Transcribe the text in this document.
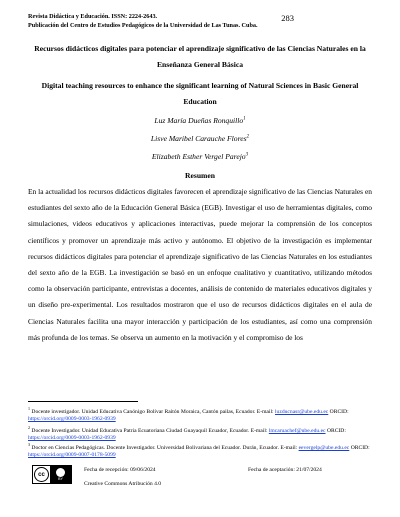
Revista Didáctica y Educación. ISSN: 2224-2643.
Publicación del Centro de Estudios Pedagógicos de la Universidad de Las Tunas. Cuba.
283
Recursos didácticos digitales para potenciar el aprendizaje significativo de las Ciencias Naturales en la Enseñanza General Básica
Digital teaching resources to enhance the significant learning of Natural Sciences in Basic General Education
Luz María Dueñas Ronquillo$^1$
Lisve Maribel Carauche Flores$^2$
Elizabeth Esther Vergel Parejo$^3$
Resumen

En la actualidad los recursos didácticos digitales favorecen el aprendizaje significativo de las Ciencias Naturales en estudiantes del sexto año de la Educación General Básica (EGB). Investigar el uso de herramientas digitales, como simulaciones, videos educativos y aplicaciones interactivas, puede mejorar la comprensión de los conceptos científicos y promover un aprendizaje más activo y autónomo. El objetivo de la investigación es implementar recursos didácticos digitales para potenciar el aprendizaje significativo de las Ciencias Naturales en los estudiantes del sexto año de la EGB. La investigación se basó en un enfoque cualitativo y cuantitativo, utilizando métodos como la observación participante, entrevistas a docentes, análisis de contenido de materiales educativos digitales y un diseño pre-experimental. Los resultados mostraron que el uso de recursos didácticos digitales en el aula de Ciencias Naturales facilita una mayor interacción y participación de los estudiantes, así como una comprensión más profunda de los temas. Se observa un aumento en la motivación y el compromiso de los

$^1$ Docente investigador. Unidad Educativa Canónigo Bolívar Raitón Moraica, Cantón pailas, Ecuador. E-mail: luzducnasr@ube.edu.ec ORCID: https://orcid.org/0009-0003-1962-0939
$^2$ Docente Investigador. Unidad Educativa Patria Ecuatoriana Ciudad Guayaquil Ecuador, Ecuador. E-mail: lmcaruachef@ube.edu.ec ORCID: https://orcid.org/0009-0003-1962-0939
$^3$ Doctor en Ciencias Pedagógicas. Docente Investigador. Universidad Bolivariana del Ecuador. Durán, Ecuador. E-mail: eevergelp@ube.edu.ec ORCID: https://orcid.org/0009-0007-0178-5099
cc
BY
Fecha de recepción: 09/06/2024	Fecha de aceptación: 21/07/2024
Creative Commons Atribución 4.0
